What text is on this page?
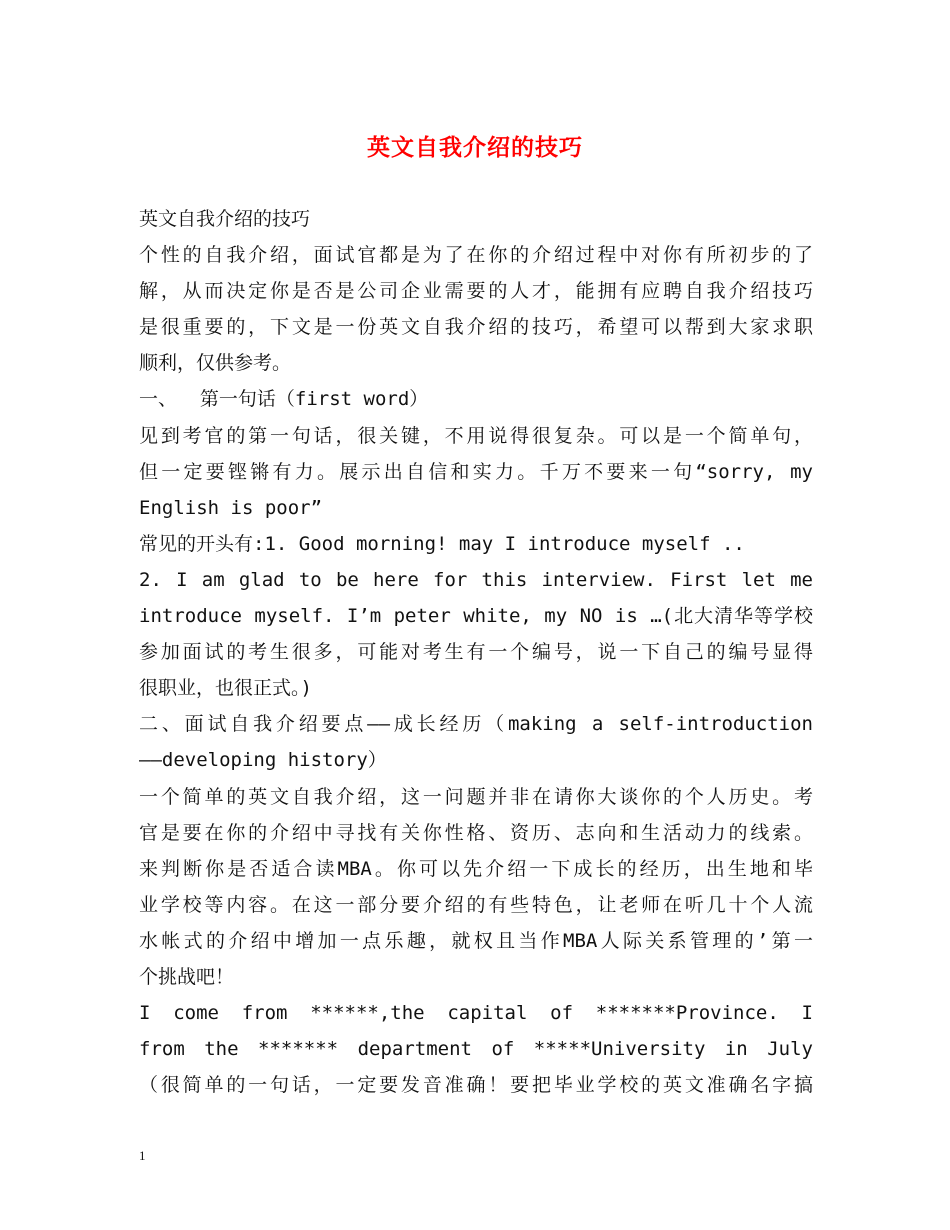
英文自我介绍的技巧
英文自我介绍的技巧
个性的自我介绍，面试官都是为了在你的介绍过程中对你有所初步的了
解，从而决定你是否是公司企业需要的人才，能拥有应聘自我介绍技巧
是很重要的，下文是一份英文自我介绍的技巧，希望可以帮到大家求职
顺利，仅供参考。
一、  第一句话（first word）
见到考官的第一句话，很关键，不用说得很复杂。可以是一个简单句，
但一定要铿锵有力。展示出自信和实力。千万不要来一句“sorry, my
English is poor”
常见的开头有:1. Good morning! may I introduce myself ..
2. I am glad to be here for this interview. First let me
introduce myself. I’m peter white, my NO is …(北大清华等学校
参加面试的考生很多，可能对考生有一个编号，说一下自己的编号显得
很职业，也很正式。)
二、面试自我介绍要点——成长经历（making a self-introduction
——developing history）
一个简单的英文自我介绍，这一问题并非在请你大谈你的个人历史。考
官是要在你的介绍中寻找有关你性格、资历、志向和生活动力的线索。
来判断你是否适合读MBA。你可以先介绍一下成长的经历，出生地和毕
业学校等内容。在这一部分要介绍的有些特色，让老师在听几十个人流
水帐式的介绍中增加一点乐趣，就权且当作MBA人际关系管理的’第一
个挑战吧！
I come from ******,the capital of *******Province. I
from the ******* department of *****University in July
（很简单的一句话，一定要发音准确！要把毕业学校的英文准确名字搞
1
